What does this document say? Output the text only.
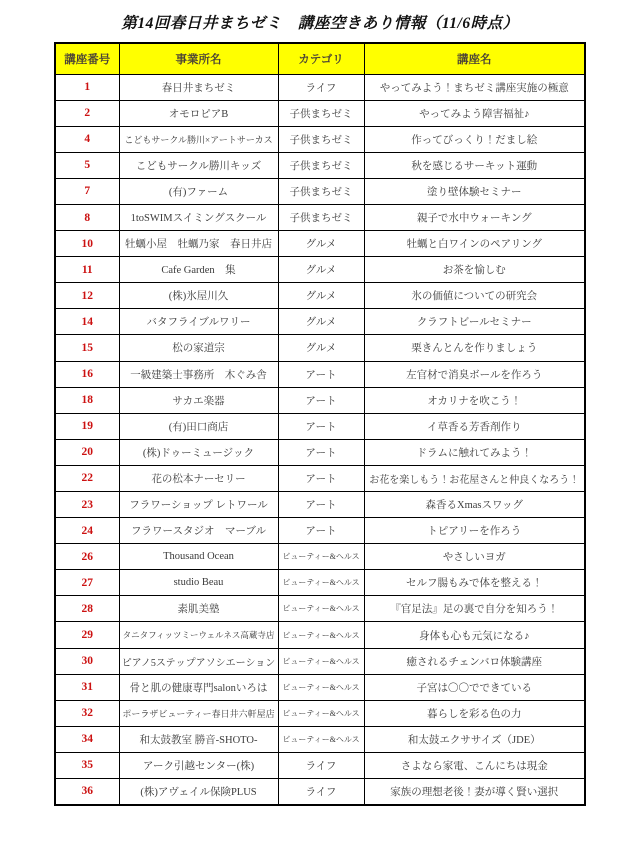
第14回春日井まちゼミ　講座空きあり情報（11/6時点）
講座番号	事業所名	カテゴリ	講座名
1	春日井まちゼミ	ライフ	やってみよう！まちゼミ講座実施の極意
2	オモロピアB	子供まちゼミ	やってみよう障害福祉♪
4	こどもサークル勝川×アートサーカス	子供まちゼミ	作ってびっくり！だまし絵
5	こどもサークル勝川キッズ	子供まちゼミ	秋を感じるサーキット運動
7	(有)ファーム	子供まちゼミ	塗り壁体験セミナー
8	1toSWIMスイミングスクール	子供まちゼミ	親子で水中ウォーキング
10	牡蠣小屋　牡蠣乃家　春日井店	グルメ	牡蠣と白ワインのペアリング
11	Cafe Garden　集	グルメ	お茶を愉しむ
12	(株)氷屋川久	グルメ	氷の価値についての研究会
14	バタフライブルワリー	グルメ	クラフトビールセミナー
15	松の家道宗	グルメ	栗きんとんを作りましょう
16	一級建築士事務所　木ぐみ舎	アート	左官材で消臭ボールを作ろう
18	サカエ楽器	アート	オカリナを吹こう！
19	(有)田口商店	アート	イ草香る芳香剤作り
20	(株)ドゥーミュージック	アート	ドラムに触れてみよう！
22	花の松本ナーセリー	アート	お花を楽しもう！お花屋さんと仲良くなろう！
23	フラワーショップ レトワール	アート	森香るXmasスワッグ
24	フラワースタジオ　マーブル	アート	トピアリーを作ろう
26	Thousand Ocean	ビューティー&ヘルス	やさしいヨガ
27	studio Beau	ビューティー&ヘルス	セルフ腸もみで体を整える！
28	素肌美塾	ビューティー&ヘルス	『官足法』足の裏で自分を知ろう！
29	タニタフィッツミーウェルネス高蔵寺店	ビューティー&ヘルス	身体も心も元気になる♪
30	ピアノ5ステップアソシエーション	ビューティー&ヘルス	癒されるチェンバロ体験講座
31	骨と肌の健康専門salonいろは	ビューティー&ヘルス	子宮は〇〇でできている
32	ポーラザビューティー春日井六軒屋店	ビューティー&ヘルス	暮らしを彩る色の力
34	和太鼓教室 勝音-SHOTO-	ビューティー&ヘルス	和太鼓エクササイズ（JDE）
35	アーク引越センター(株)	ライフ	さよなら家電、こんにちは現金
36	(株)アヴェイル保険PLUS	ライフ	家族の理想老後！妻が導く賢い選択
